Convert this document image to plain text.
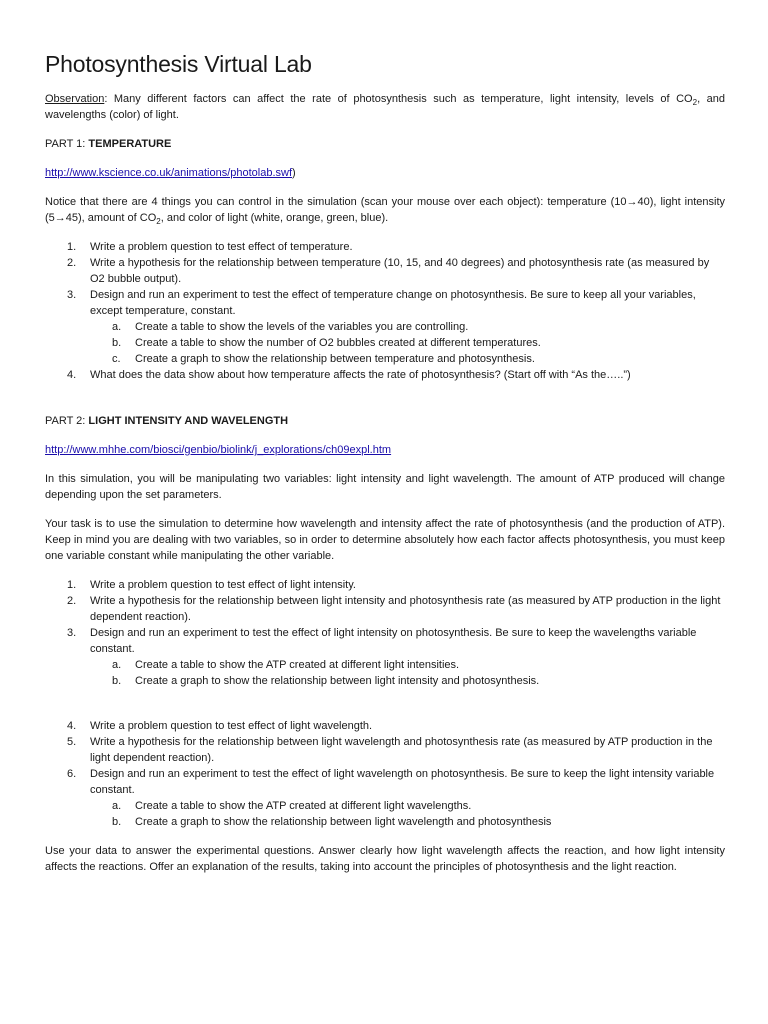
Photosynthesis Virtual Lab

Observation: Many different factors can affect the rate of photosynthesis such as temperature, light intensity, levels of $CO_2$, and wavelengths (color) of light.

PART 1: TEMPERATURE

http://www.kscience.co.uk/animations/photolab.swf)

Notice that there are 4 things you can control in the simulation (scan your mouse over each object): temperature (10→40), light intensity (5→45), amount of $CO_2$, and color of light (white, orange, green, blue).

1. Write a problem question to test effect of temperature.
2. Write a hypothesis for the relationship between temperature (10, 15, and 40 degrees) and photosynthesis rate (as measured by O2 bubble output).
3. Design and run an experiment to test the effect of temperature change on photosynthesis. Be sure to keep all your variables, except temperature, constant.
a. Create a table to show the levels of the variables you are controlling.
b. Create a table to show the number of O2 bubbles created at different temperatures.
c. Create a graph to show the relationship between temperature and photosynthesis.
4. What does the data show about how temperature affects the rate of photosynthesis? (Start off with “As the…..”)

PART 2: LIGHT INTENSITY AND WAVELENGTH

http://www.mhhe.com/biosci/genbio/biolink/j_explorations/ch09expl.htm

In this simulation, you will be manipulating two variables: light intensity and light wavelength. The amount of ATP produced will change depending upon the set parameters.

Your task is to use the simulation to determine how wavelength and intensity affect the rate of photosynthesis (and the production of ATP). Keep in mind you are dealing with two variables, so in order to determine absolutely how each factor affects photosynthesis, you must keep one variable constant while manipulating the other variable.

1. Write a problem question to test effect of light intensity.
2. Write a hypothesis for the relationship between light intensity and photosynthesis rate (as measured by ATP production in the light dependent reaction).
3. Design and run an experiment to test the effect of light intensity on photosynthesis. Be sure to keep the wavelengths variable constant.
a. Create a table to show the ATP created at different light intensities.
b. Create a graph to show the relationship between light intensity and photosynthesis.
4. Write a problem question to test effect of light wavelength.
5. Write a hypothesis for the relationship between light wavelength and photosynthesis rate (as measured by ATP production in the light dependent reaction).
6. Design and run an experiment to test the effect of light wavelength on photosynthesis. Be sure to keep the light intensity variable constant.
a. Create a table to show the ATP created at different light wavelengths.
b. Create a graph to show the relationship between light wavelength and photosynthesis

Use your data to answer the experimental questions. Answer clearly how light wavelength affects the reaction, and how light intensity affects the reactions. Offer an explanation of the results, taking into account the principles of photosynthesis and the light reaction.
